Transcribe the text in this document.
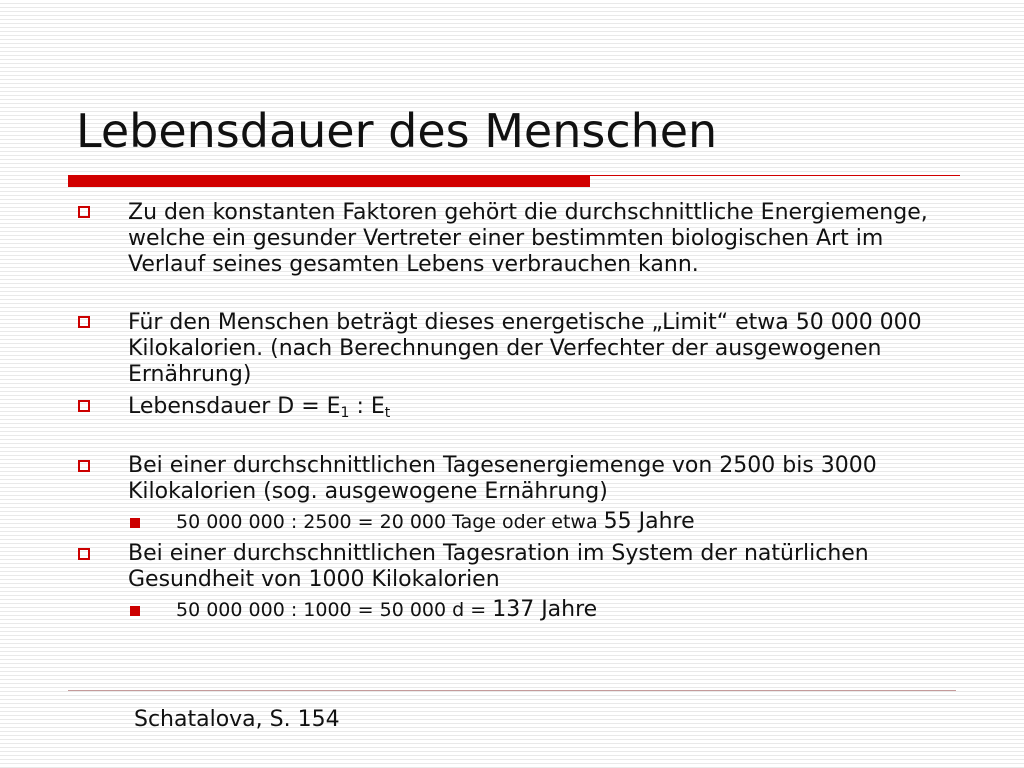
Lebensdauer des Menschen
Zu den konstanten Faktoren gehört die durchschnittliche Energiemenge, welche ein gesunder Vertreter einer bestimmten biologischen Art im Verlauf seines gesamten Lebens verbrauchen kann.
Für den Menschen beträgt dieses energetische „Limit“ etwa 50 000 000 Kilokalorien. (nach Berechnungen der Verfechter der ausgewogenen Ernährung)
Lebensdauer $D = E_1$ : $E_t$
Bei einer durchschnittlichen Tagesenergiemenge von 2500 bis 3000 Kilokalorien (sog. ausgewogene Ernährung)
50 000 000 : 2500 = 20 000 Tage oder etwa 55 Jahre
Bei einer durchschnittlichen Tagesration im System der natürlichen Gesundheit von 1000 Kilokalorien
50 000 000 : 1000 = 50 000 d = 137 Jahre
Schatalova, S. 154
